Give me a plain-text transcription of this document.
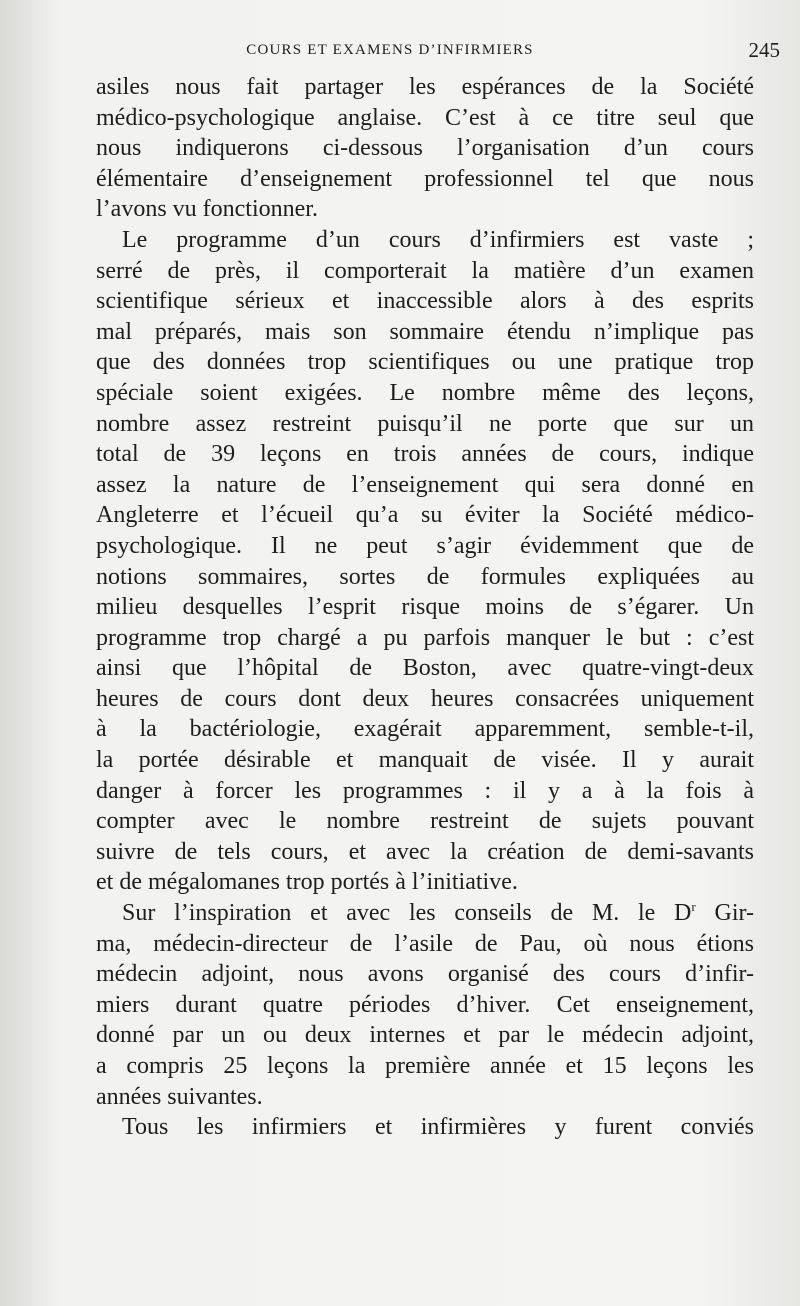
COURS ET EXAMENS D’INFIRMIERS	245
asiles nous fait partager les espérances de la Société
médico-psychologique anglaise. C’est à ce titre seul que
nous indiquerons ci-dessous l’organisation d’un cours
élémentaire d’enseignement professionnel tel que nous
l’avons vu fonctionner.
Le programme d’un cours d’infirmiers est vaste ;
serré de près, il comporterait la matière d’un examen
scientifique sérieux et inaccessible alors à des esprits
mal préparés, mais son sommaire étendu n’implique pas
que des données trop scientifiques ou une pratique trop
spéciale soient exigées. Le nombre même des leçons,
nombre assez restreint puisqu’il ne porte que sur un
total de 39 leçons en trois années de cours, indique
assez la nature de l’enseignement qui sera donné en
Angleterre et l’écueil qu’a su éviter la Société médico-
psychologique. Il ne peut s’agir évidemment que de
notions sommaires, sortes de formules expliquées au
milieu desquelles l’esprit risque moins de s’égarer. Un
programme trop chargé a pu parfois manquer le but : c’est
ainsi que l’hôpital de Boston, avec quatre-vingt-deux
heures de cours dont deux heures consacrées uniquement
à la bactériologie, exagérait apparemment, semble-t-il,
la portée désirable et manquait de visée. Il y aurait
danger à forcer les programmes : il y a à la fois à
compter avec le nombre restreint de sujets pouvant
suivre de tels cours, et avec la création de demi-savants
et de mégalomanes trop portés à l’initiative.
Sur l’inspiration et avec les conseils de M. le $D^r$ Gir-
ma, médecin-directeur de l’asile de Pau, où nous étions
médecin adjoint, nous avons organisé des cours d’infir-
miers durant quatre périodes d’hiver. Cet enseignement,
donné par un ou deux internes et par le médecin adjoint,
a compris 25 leçons la première année et 15 leçons les
années suivantes.
Tous les infirmiers et infirmières y furent conviés
